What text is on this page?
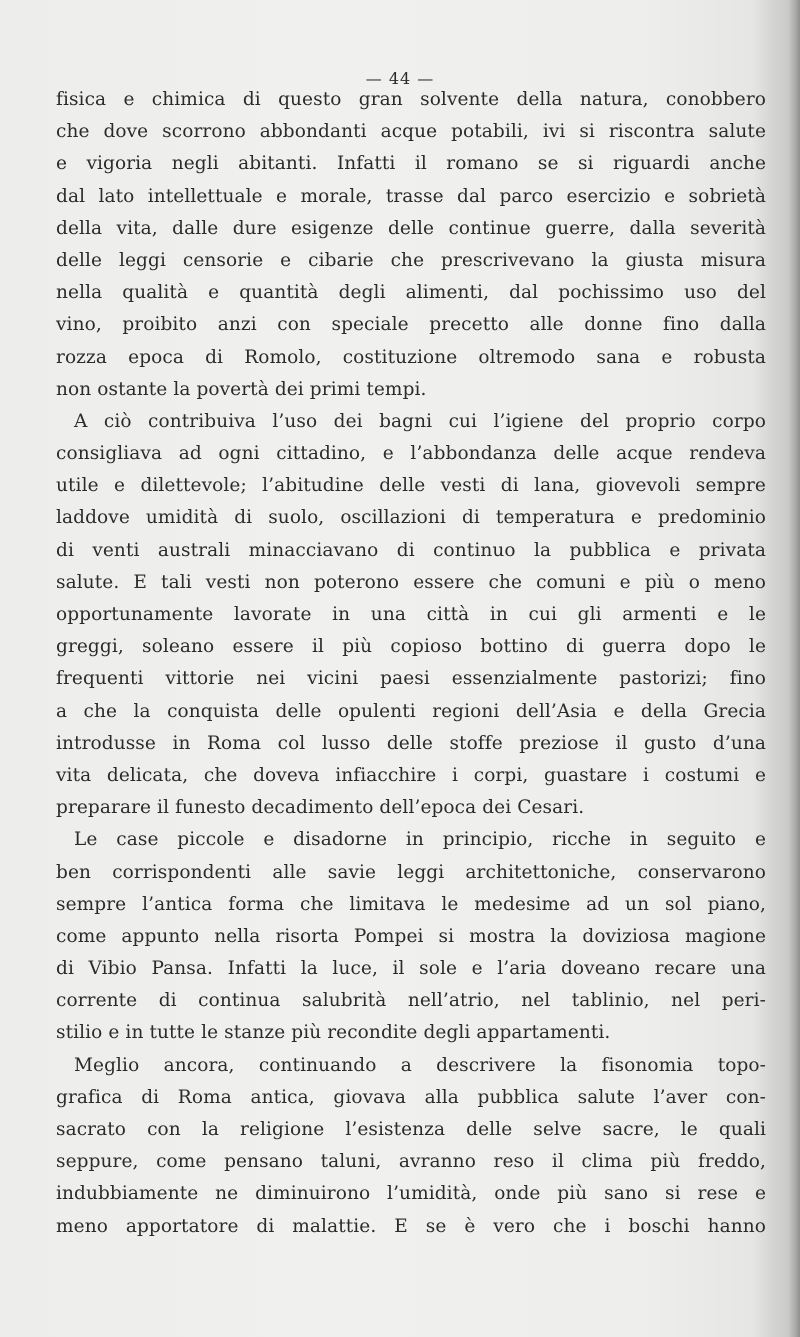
— 44 —
fisica e chimica di questo gran solvente della natura, conobbero
che dove scorrono abbondanti acque potabili, ivi si riscontra salute
e vigoria negli abitanti. Infatti il romano se si riguardi anche
dal lato intellettuale e morale, trasse dal parco esercizio e sobrietà
della vita, dalle dure esigenze delle continue guerre, dalla severità
delle leggi censorie e cibarie che prescrivevano la giusta misura
nella qualità e quantità degli alimenti, dal pochissimo uso del
vino, proibito anzi con speciale precetto alle donne fino dalla
rozza epoca di Romolo, costituzione oltremodo sana e robusta
non ostante la povertà dei primi tempi.
A ciò contribuiva l’uso dei bagni cui l’igiene del proprio corpo
consigliava ad ogni cittadino, e l’abbondanza delle acque rendeva
utile e dilettevole; l’abitudine delle vesti di lana, giovevoli sempre
laddove umidità di suolo, oscillazioni di temperatura e predominio
di venti australi minacciavano di continuo la pubblica e privata
salute. E tali vesti non poterono essere che comuni e più o meno
opportunamente lavorate in una città in cui gli armenti e le
greggi, soleano essere il più copioso bottino di guerra dopo le
frequenti vittorie nei vicini paesi essenzialmente pastorizi; fino
a che la conquista delle opulenti regioni dell’Asia e della Grecia
introdusse in Roma col lusso delle stoffe preziose il gusto d’una
vita delicata, che doveva infiacchire i corpi, guastare i costumi e
preparare il funesto decadimento dell’epoca dei Cesari.
Le case piccole e disadorne in principio, ricche in seguito e
ben corrispondenti alle savie leggi architettoniche, conservarono
sempre l’antica forma che limitava le medesime ad un sol piano,
come appunto nella risorta Pompei si mostra la doviziosa magione
di Vibio Pansa. Infatti la luce, il sole e l’aria doveano recare una
corrente di continua salubrità nell’atrio, nel tablinio, nel peri-
stilio e in tutte le stanze più recondite degli appartamenti.
Meglio ancora, continuando a descrivere la fisonomia topo-
grafica di Roma antica, giovava alla pubblica salute l’aver con-
sacrato con la religione l’esistenza delle selve sacre, le quali
seppure, come pensano taluni, avranno reso il clima più freddo,
indubbiamente ne diminuirono l’umidità, onde più sano si rese e
meno apportatore di malattie. E se è vero che i boschi hanno
